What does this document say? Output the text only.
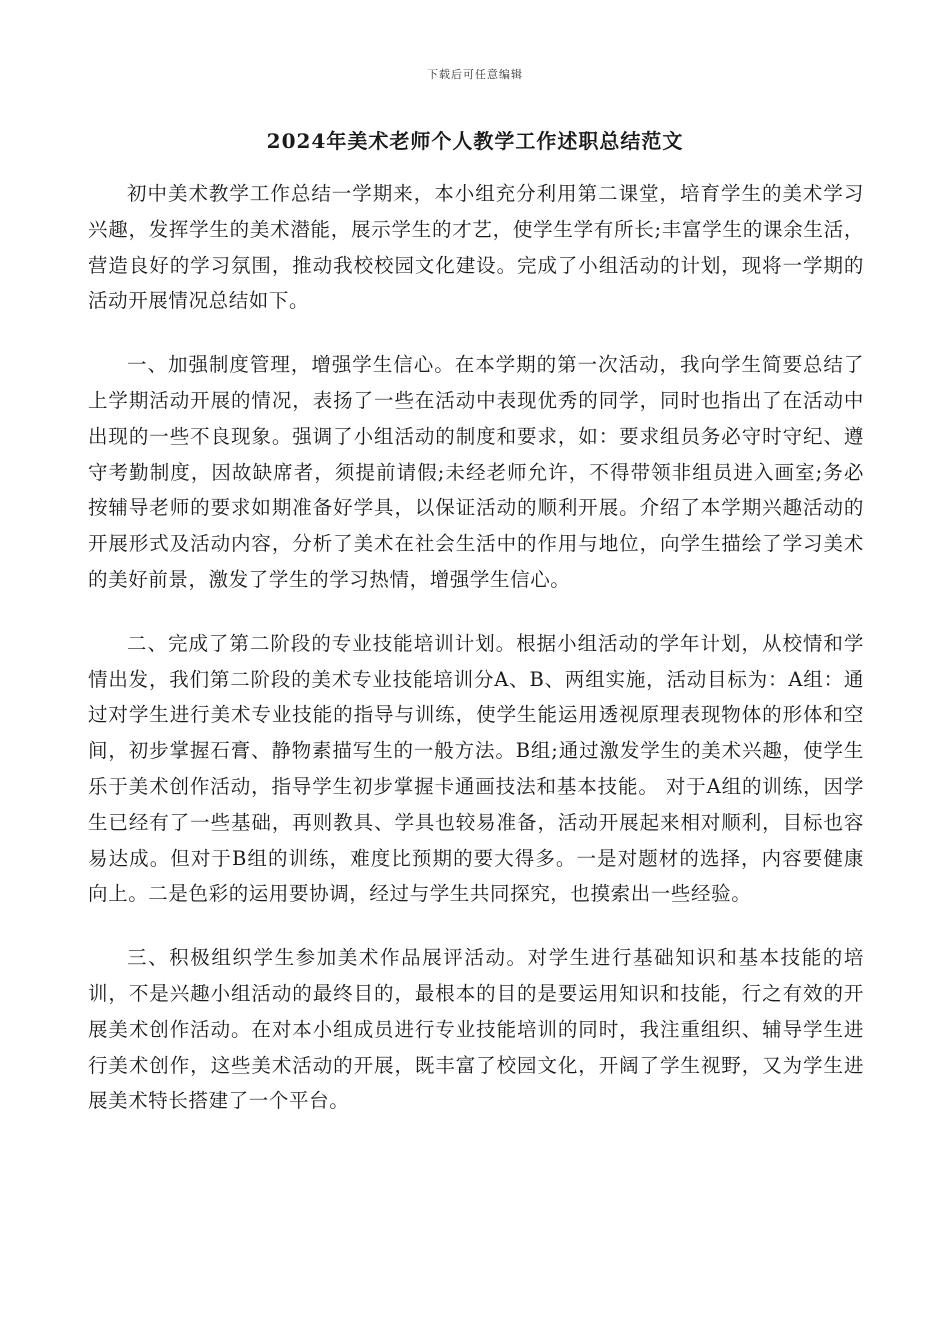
下载后可任意编辑
2024年美术老师个人教学工作述职总结范文

初中美术教学工作总结一学期来，本小组充分利用第二课堂，培育学生的美术学习兴趣，发挥学生的美术潜能，展示学生的才艺，使学生学有所长;丰富学生的课余生活，营造良好的学习氛围，推动我校校园文化建设。完成了小组活动的计划，现将一学期的活动开展情况总结如下。

一、加强制度管理，增强学生信心。在本学期的第一次活动，我向学生简要总结了上学期活动开展的情况，表扬了一些在活动中表现优秀的同学，同时也指出了在活动中出现的一些不良现象。强调了小组活动的制度和要求，如：要求组员务必守时守纪、遵守考勤制度，因故缺席者，须提前请假;未经老师允许，不得带领非组员进入画室;务必按辅导老师的要求如期准备好学具，以保证活动的顺利开展。介绍了本学期兴趣活动的开展形式及活动内容，分析了美术在社会生活中的作用与地位，向学生描绘了学习美术的美好前景，激发了学生的学习热情，增强学生信心。

二、完成了第二阶段的专业技能培训计划。根据小组活动的学年计划，从校情和学情出发，我们第二阶段的美术专业技能培训分A、B、两组实施，活动目标为：A组：通过对学生进行美术专业技能的指导与训练，使学生能运用透视原理表现物体的形体和空间，初步掌握石膏、静物素描写生的一般方法。B组;通过激发学生的美术兴趣，使学生乐于美术创作活动，指导学生初步掌握卡通画技法和基本技能。 对于A组的训练，因学生已经有了一些基础，再则教具、学具也较易准备，活动开展起来相对顺利，目标也容易达成。但对于B组的训练，难度比预期的要大得多。一是对题材的选择，内容要健康向上。二是色彩的运用要协调，经过与学生共同探究，也摸索出一些经验。

三、积极组织学生参加美术作品展评活动。对学生进行基础知识和基本技能的培训，不是兴趣小组活动的最终目的，最根本的目的是要运用知识和技能，行之有效的开展美术创作活动。在对本小组成员进行专业技能培训的同时，我注重组织、辅导学生进行美术创作，这些美术活动的开展，既丰富了校园文化，开阔了学生视野，又为学生进展美术特长搭建了一个平台。
